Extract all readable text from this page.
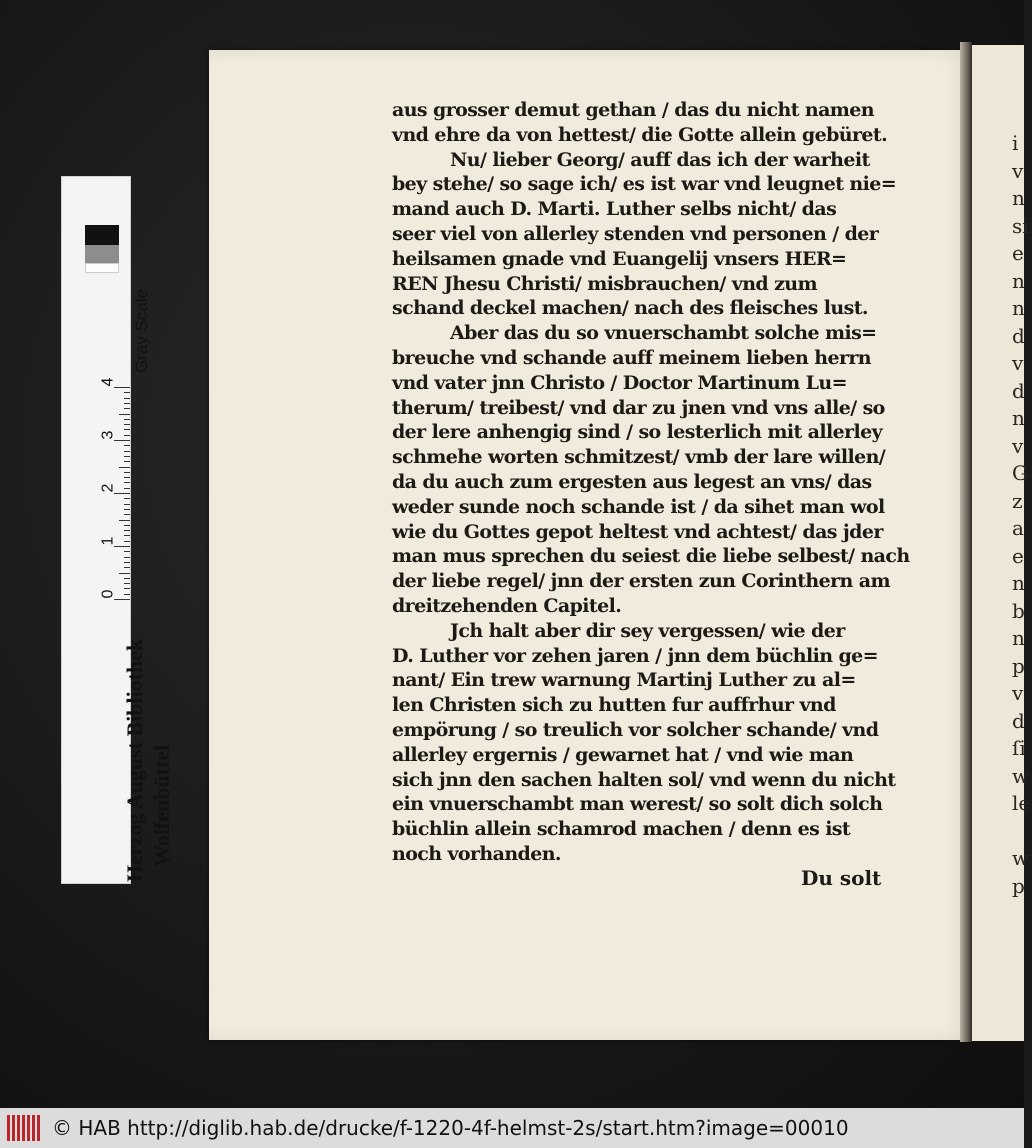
Gray Scale
0
1
2
3
4
Herzog August Bibliothek Wolfenbüttel
i
v
n
si
e
n
n
d
v
d
n
v
G
z
a
e
n
b
n
p
v
d
ſi
w
le
w
p
aus grosser demut gethan / das du nicht namen
vnd ehre da von hettest/ die Gotte allein gebüret.
Nu/ lieber Georg/ auff das ich der warheit
bey stehe/ so sage ich/ es ist war vnd leugnet nie=
mand auch D. Marti. Luther selbs nicht/ das
seer viel von allerley stenden vnd personen / der
heilsamen gnade vnd Euangelij vnsers HER=
REN Jhesu Christi/ misbrauchen/ vnd zum
schand deckel machen/ nach des fleisches lust.
Aber das du so vnuerschambt solche mis=
breuche vnd schande auff meinem lieben herrn
vnd vater jnn Christo / Doctor Martinum Lu=
therum/ treibest/ vnd dar zu jnen vnd vns alle/ so
der lere anhengig sind / so lesterlich mit allerley
schmehe worten schmitzest/ vmb der lare willen/
da du auch zum ergesten aus legest an vns/ das
weder sunde noch schande ist / da sihet man wol
wie du Gottes gepot heltest vnd achtest/ das jder
man mus sprechen du seiest die liebe selbest/ nach
der liebe regel/ jnn der ersten zun Corinthern am
dreitzehenden Capitel.
Jch halt aber dir sey vergessen/ wie der
D. Luther vor zehen jaren / jnn dem büchlin ge=
nant/ Ein trew warnung Martinj Luther zu al=
len Christen sich zu hutten fur auffrhur vnd
empörung / so treulich vor solcher schande/ vnd
allerley ergernis / gewarnet hat / vnd wie man
sich jnn den sachen halten sol/ vnd wenn du nicht
ein vnuerschambt man werest/ so solt dich solch
büchlin allein schamrod machen / denn es ist
noch vorhanden.
Du solt
© HAB http://diglib.hab.de/drucke/f-1220-4f-helmst-2s/start.htm?image=00010
